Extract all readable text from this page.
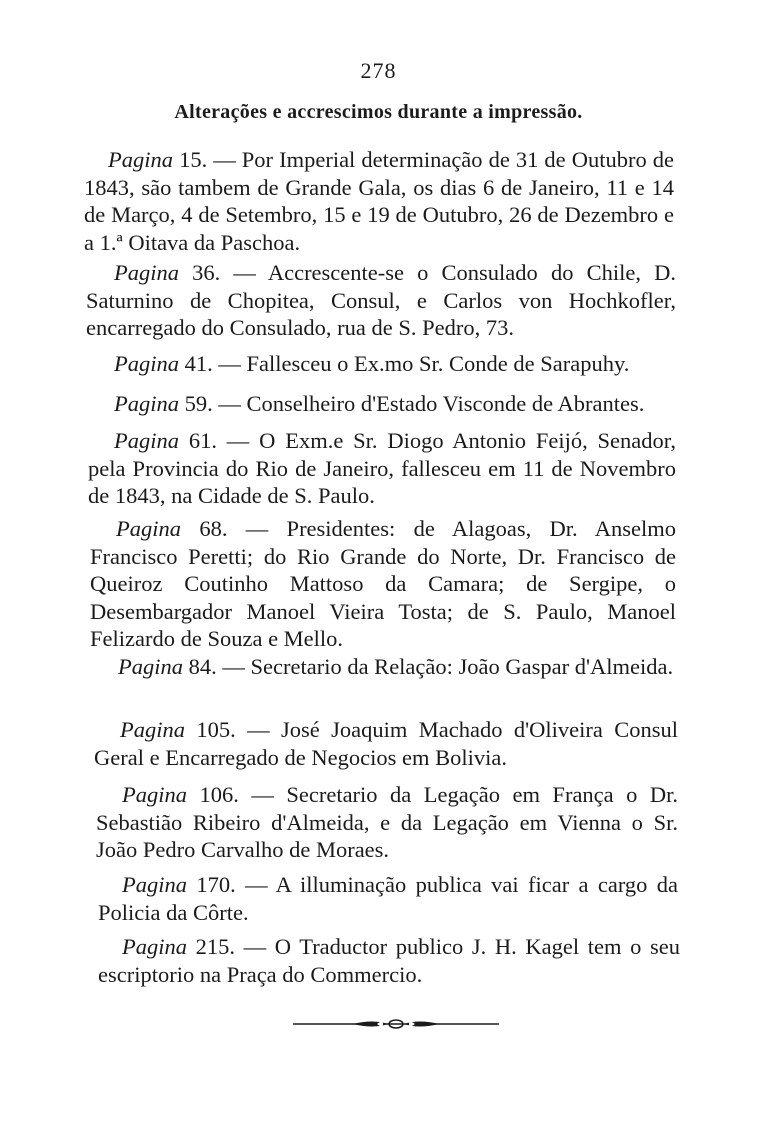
278
Alterações e accrescimos durante a impressão.

Pagina 15. — Por Imperial determinação de 31 de Outubro de 1843, são tambem de Grande Gala, os dias 6 de Janeiro, 11 e 14 de Março, 4 de Setembro, 15 e 19 de Outubro, 26 de Dezembro e a 1.ª Oitava da Paschoa.

Pagina 36. — Accrescente-se o Consulado do Chile, D. Saturnino de Chopitea, Consul, e Carlos von Hochkofler, encarregado do Consulado, rua de S. Pedro, 73.

Pagina 41. — Fallesceu o Ex.mo Sr. Conde de Sarapuhy.

Pagina 59. — Conselheiro d'Estado Visconde de Abrantes.

Pagina 61. — O Exm.e Sr. Diogo Antonio Feijó, Senador, pela Provincia do Rio de Janeiro, fallesceu em 11 de Novembro de 1843, na Cidade de S. Paulo.

Pagina 68. — Presidentes: de Alagoas, Dr. Anselmo Francisco Peretti; do Rio Grande do Norte, Dr. Francisco de Queiroz Coutinho Mattoso da Camara; de Sergipe, o Desembargador Manoel Vieira Tosta; de S. Paulo, Manoel Felizardo de Souza e Mello.

Pagina 84. — Secretario da Relação: João Gaspar d'Almeida.

Pagina 105. — José Joaquim Machado d'Oliveira Consul Geral e Encarregado de Negocios em Bolivia.

Pagina 106. — Secretario da Legação em França o Dr. Sebastião Ribeiro d'Almeida, e da Legação em Vienna o Sr. João Pedro Carvalho de Moraes.

Pagina 170. — A illuminação publica vai ficar a cargo da Policia da Côrte.

Pagina 215. — O Traductor publico J. H. Kagel tem o seu escriptorio na Praça do Commercio.
